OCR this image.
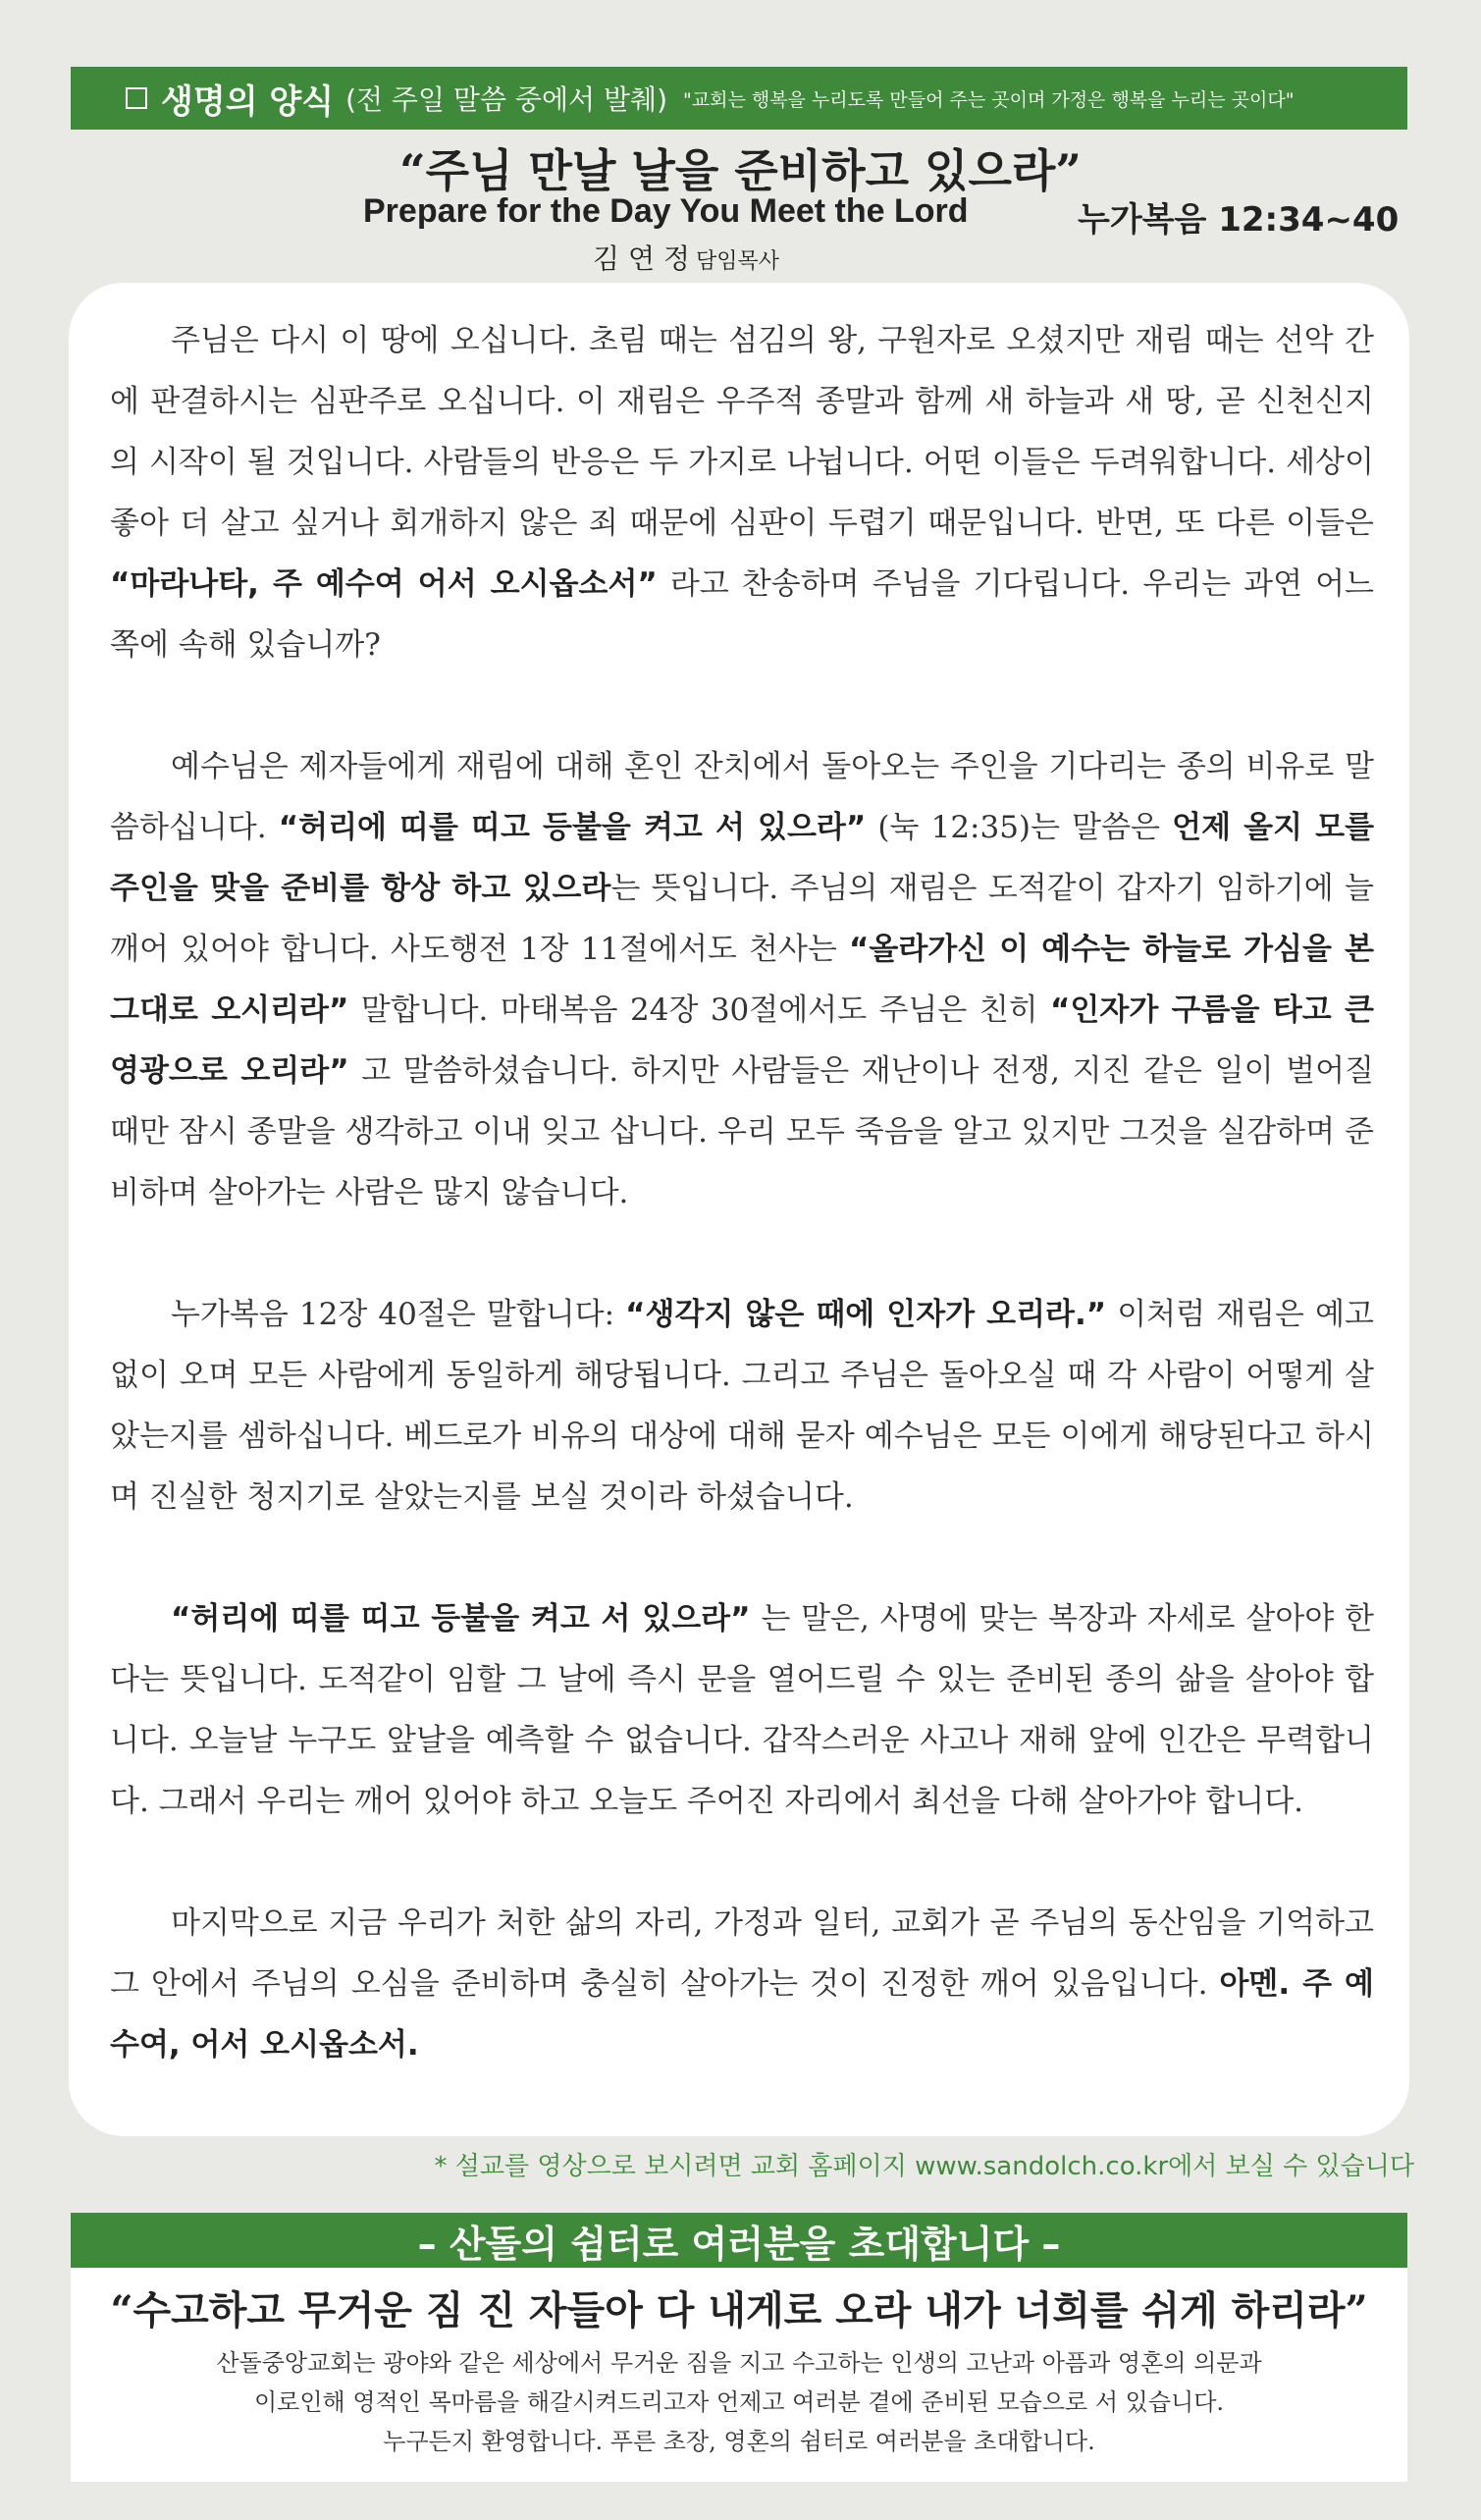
생명의 양식 (전 주일 말씀 중에서 발췌) "교회는 행복을 누리도록 만들어 주는 곳이며 가정은 행복을 누리는 곳이다"
“주님 만날 날을 준비하고 있으라”
Prepare for the Day You Meet the Lord	누가복음 12:34~40
김 연 정 담임목사

주님은 다시 이 땅에 오십니다. 초림 때는 섬김의 왕, 구원자로 오셨지만 재림 때는 선악 간에 판결하시는 심판주로 오십니다. 이 재림은 우주적 종말과 함께 새 하늘과 새 땅, 곧 신천신지의 시작이 될 것입니다. 사람들의 반응은 두 가지로 나뉩니다. 어떤 이들은 두려워합니다. 세상이 좋아 더 살고 싶거나 회개하지 않은 죄 때문에 심판이 두렵기 때문입니다. 반면, 또 다른 이들은 “마라나타, 주 예수여 어서 오시옵소서” 라고 찬송하며 주님을 기다립니다. 우리는 과연 어느 쪽에 속해 있습니까?

예수님은 제자들에게 재림에 대해 혼인 잔치에서 돌아오는 주인을 기다리는 종의 비유로 말씀하십니다. “허리에 띠를 띠고 등불을 켜고 서 있으라” (눅 12:35)는 말씀은 언제 올지 모를 주인을 맞을 준비를 항상 하고 있으라는 뜻입니다. 주님의 재림은 도적같이 갑자기 임하기에 늘 깨어 있어야 합니다. 사도행전 1장 11절에서도 천사는 “올라가신 이 예수는 하늘로 가심을 본 그대로 오시리라” 말합니다. 마태복음 24장 30절에서도 주님은 친히 “인자가 구름을 타고 큰 영광으로 오리라” 고 말씀하셨습니다. 하지만 사람들은 재난이나 전쟁, 지진 같은 일이 벌어질 때만 잠시 종말을 생각하고 이내 잊고 삽니다. 우리 모두 죽음을 알고 있지만 그것을 실감하며 준비하며 살아가는 사람은 많지 않습니다.

누가복음 12장 40절은 말합니다: “생각지 않은 때에 인자가 오리라.” 이처럼 재림은 예고 없이 오며 모든 사람에게 동일하게 해당됩니다. 그리고 주님은 돌아오실 때 각 사람이 어떻게 살았는지를 셈하십니다. 베드로가 비유의 대상에 대해 묻자 예수님은 모든 이에게 해당된다고 하시며 진실한 청지기로 살았는지를 보실 것이라 하셨습니다.

“허리에 띠를 띠고 등불을 켜고 서 있으라” 는 말은, 사명에 맞는 복장과 자세로 살아야 한다는 뜻입니다. 도적같이 임할 그 날에 즉시 문을 열어드릴 수 있는 준비된 종의 삶을 살아야 합니다. 오늘날 누구도 앞날을 예측할 수 없습니다. 갑작스러운 사고나 재해 앞에 인간은 무력합니다. 그래서 우리는 깨어 있어야 하고 오늘도 주어진 자리에서 최선을 다해 살아가야 합니다.

마지막으로 지금 우리가 처한 삶의 자리, 가정과 일터, 교회가 곧 주님의 동산임을 기억하고 그 안에서 주님의 오심을 준비하며 충실히 살아가는 것이 진정한 깨어 있음입니다. 아멘. 주 예수여, 어서 오시옵소서.

* 설교를 영상으로 보시려면 교회 홈페이지 www.sandolch.co.kr에서 보실 수 있습니다
– 산돌의 쉼터로 여러분을 초대합니다 –
“수고하고 무거운 짐 진 자들아 다 내게로 오라 내가 너희를 쉬게 하리라”
산돌중앙교회는 광야와 같은 세상에서 무거운 짐을 지고 수고하는 인생의 고난과 아픔과 영혼의 의문과
이로인해 영적인 목마름을 해갈시켜드리고자 언제고 여러분 곁에 준비된 모습으로 서 있습니다.
누구든지 환영합니다. 푸른 초장, 영혼의 쉼터로 여러분을 초대합니다.
